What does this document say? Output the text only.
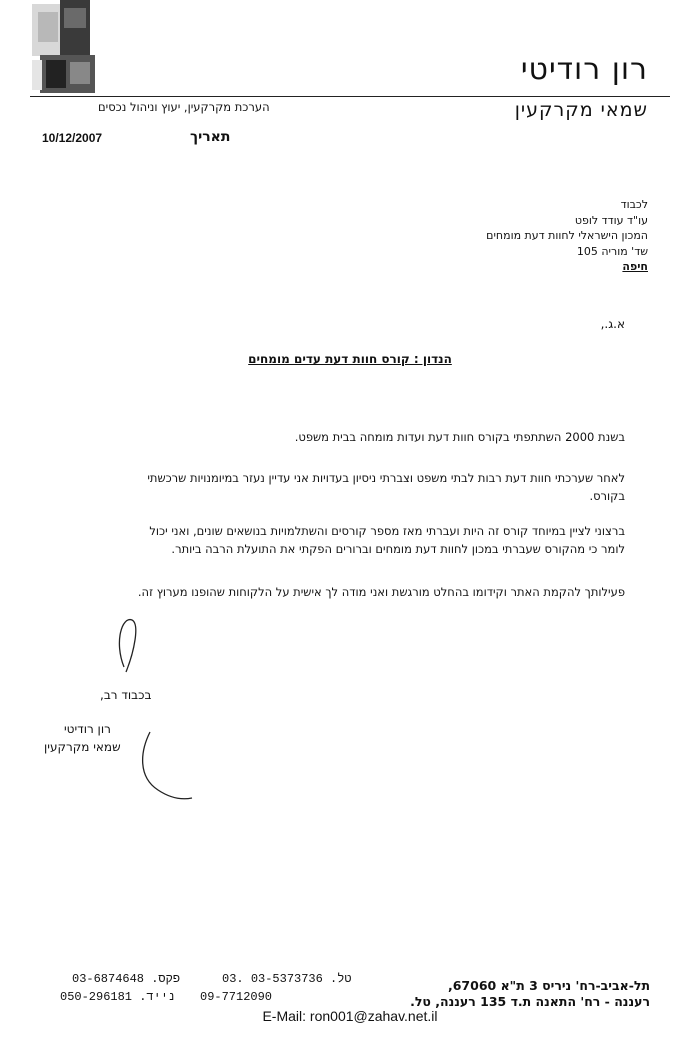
רון רודיטי
שמאי מקרקעין
הערכת מקרקעין, יעוץ וניהול נכסים
תאריך
10/12/2007
לכבוד
עו"ד עודד לופט
המכון הישראלי לחוות דעת מומחים
שד' מוריה 105
חיפה
א.ג.,
הנדון : קורס חוות דעת עדים מומחים
בשנת 2000 השתתפתי בקורס חוות דעת ועדות מומחה בבית משפט.
לאחר שערכתי חוות דעת רבות לבתי משפט וצברתי ניסיון בעדויות אני עדיין נעזר במיומנויות שרכשתי
בקורס.
ברצוני לציין במיוחד קורס זה היות ועברתי מאז מספר קורסים והשתלמויות בנושאים שונים, ואני יכול
לומר כי מהקורס שעברתי במכון לחוות דעת מומחים וברורים הפקתי את התועלת הרבה ביותר.
פעילותך להקמת האתר וקידומו בהחלט מורגשת ואני מודה לך אישית על הלקוחות שהופנו מערוץ זה.
בכבוד רב,
רון רודיטי
שמאי מקרקעין
תל-אביב-רח' ניריס 3 ת"א 67060,
טל. 03-5373736 .03
03-6874648 .פקס
רעננה - רח' התאנה ת.ד 135 רעננה, טל.
09-7712090
050-296181 .נייד
E-Mail: ron001@zahav.net.il
